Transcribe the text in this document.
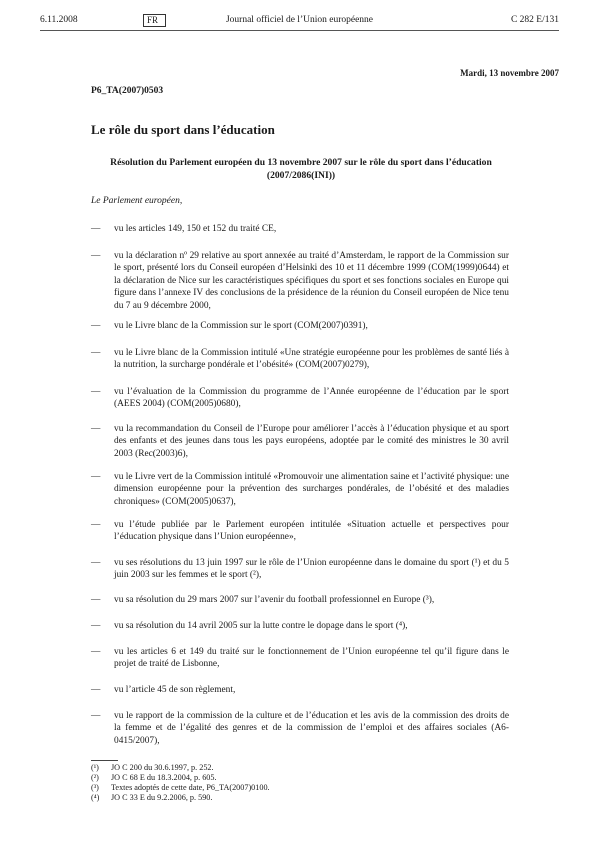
6.11.2008	FR	Journal officiel de l’Union européenne	C 282 E/131
Mardi, 13 novembre 2007
P6_TA(2007)0503
Le rôle du sport dans l’éducation
Résolution du Parlement européen du 13 novembre 2007 sur le rôle du sport dans l’éducation (2007/2086(INI))
Le Parlement européen,
— vu les articles 149, 150 et 152 du traité CE,
— vu la déclaration nº 29 relative au sport annexée au traité d’Amsterdam, le rapport de la Commission sur le sport, présenté lors du Conseil européen d’Helsinki des 10 et 11 décembre 1999 (COM(1999)0644) et la déclaration de Nice sur les caractéristiques spécifiques du sport et ses fonctions sociales en Europe qui figure dans l’annexe IV des conclusions de la présidence de la réunion du Conseil européen de Nice tenu du 7 au 9 décembre 2000,
— vu le Livre blanc de la Commission sur le sport (COM(2007)0391),
— vu le Livre blanc de la Commission intitulé «Une stratégie européenne pour les problèmes de santé liés à la nutrition, la surcharge pondérale et l’obésité» (COM(2007)0279),
— vu l’évaluation de la Commission du programme de l’Année européenne de l’éducation par le sport (AEES 2004) (COM(2005)0680),
— vu la recommandation du Conseil de l’Europe pour améliorer l’accès à l’éducation physique et au sport des enfants et des jeunes dans tous les pays européens, adoptée par le comité des ministres le 30 avril 2003 (Rec(2003)6),
— vu le Livre vert de la Commission intitulé «Promouvoir une alimentation saine et l’activité physique: une dimension européenne pour la prévention des surcharges pondérales, de l’obésité et des maladies chroniques» (COM(2005)0637),
— vu l’étude publiée par le Parlement européen intitulée «Situation actuelle et perspectives pour l’éducation physique dans l’Union européenne»,
— vu ses résolutions du 13 juin 1997 sur le rôle de l’Union européenne dans le domaine du sport (¹) et du 5 juin 2003 sur les femmes et le sport (²),
— vu sa résolution du 29 mars 2007 sur l’avenir du football professionnel en Europe (³),
— vu sa résolution du 14 avril 2005 sur la lutte contre le dopage dans le sport (⁴),
— vu les articles 6 et 149 du traité sur le fonctionnement de l’Union européenne tel qu’il figure dans le projet de traité de Lisbonne,
— vu l’article 45 de son règlement,
— vu le rapport de la commission de la culture et de l’éducation et les avis de la commission des droits de la femme et de l’égalité des genres et de la commission de l’emploi et des affaires sociales (A6-0415/2007),
(¹) JO C 200 du 30.6.1997, p. 252.
(²) JO C 68 E du 18.3.2004, p. 605.
(³) Textes adoptés de cette date, P6_TA(2007)0100.
(⁴) JO C 33 E du 9.2.2006, p. 590.
